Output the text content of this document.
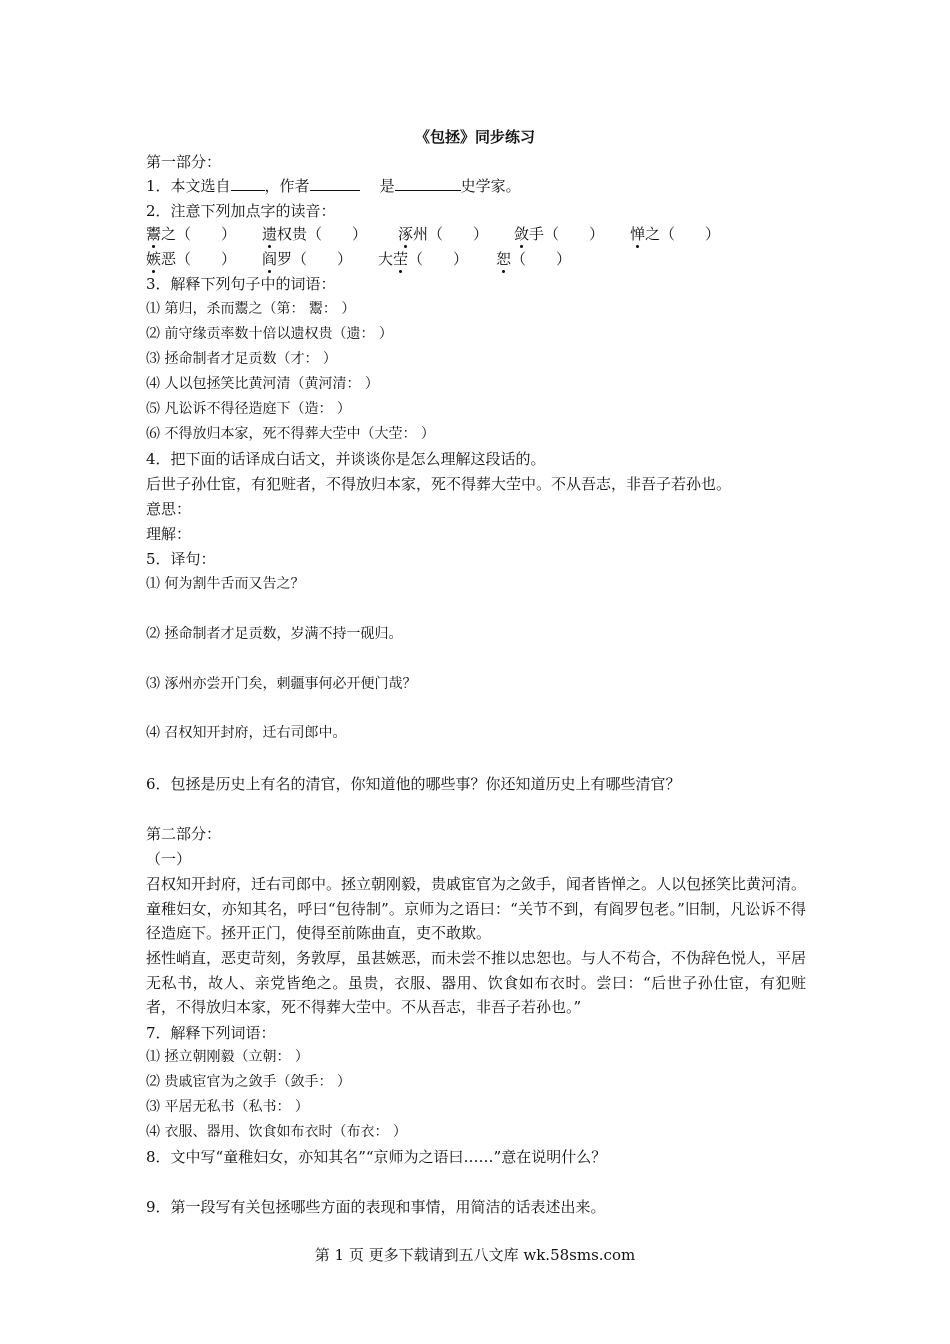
《包拯》同步练习
第一部分：
1．本文选自 ，作者	是	史学家。
2．注意下列加点字的读音：
鬻之（　　） 遗权贵（　　） 涿州（　　） 敛手（　　） 惮之（　　）
嫉恶（　　） 阎罗（　　） 大茔（　　） 恕（　　）
3．解释下列句子中的词语：
⑴ 第归，杀而鬻之（第： 鬻： ）
⑵ 前守缘贡率数十倍以遗权贵（遗： ）
⑶ 拯命制者才足贡数（才： ）
⑷ 人以包拯笑比黄河清（黄河清： ）
⑸ 凡讼诉不得径造庭下（造： ）
⑹ 不得放归本家，死不得葬大茔中（大茔： ）
4．把下面的话译成白话文，并谈谈你是怎么理解这段话的。
后世子孙仕宦，有犯赃者，不得放归本家，死不得葬大茔中。不从吾志，非吾子若孙也。
意思：
理解：
5．译句：
⑴ 何为割牛舌而又告之？
⑵ 拯命制者才足贡数，岁满不持一砚归。
⑶ 涿州亦尝开门矣，刺疆事何必开便门哉？
⑷ 召权知开封府，迁右司郎中。
6．包拯是历史上有名的清官，你知道他的哪些事？你还知道历史上有哪些清官？
第二部分：
（一）
召权知开封府，迁右司郎中。拯立朝刚毅，贵戚宦官为之敛手，闻者皆惮之。人以包拯笑比黄河清。童稚妇女，亦知其名，呼曰“包待制”。京师为之语曰：“关节不到，有阎罗包老。”旧制，凡讼诉不得径造庭下。拯开正门，使得至前陈曲直，吏不敢欺。
拯性峭直，恶吏苛刻，务敦厚，虽甚嫉恶，而未尝不推以忠恕也。与人不苟合，不伪辞色悦人，平居无私书，故人、亲党皆绝之。虽贵，衣服、器用、饮食如布衣时。尝曰：“后世子孙仕宦，有犯赃者，不得放归本家，死不得葬大茔中。不从吾志，非吾子若孙也。”
7．解释下列词语：
⑴ 拯立朝刚毅（立朝： ）
⑵ 贵戚宦官为之敛手（敛手： ）
⑶ 平居无私书（私书： ）
⑷ 衣服、器用、饮食如布衣时（布衣： ）
8．文中写“童稚妇女，亦知其名”“京师为之语曰……”意在说明什么？
9．第一段写有关包拯哪些方面的表现和事情，用简洁的话表述出来。
第 1 页 更多下载请到五八文库 wk.58sms.com
